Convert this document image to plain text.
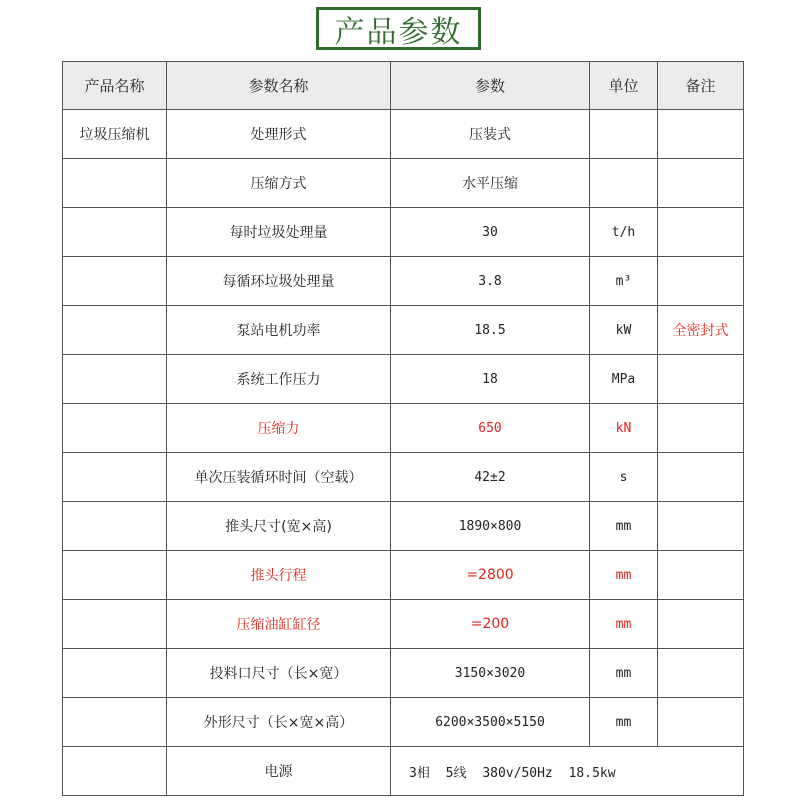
产品参数
产品名称	参数名称	参数	单位	备注
垃圾压缩机	处理形式	压装式		
	压缩方式	水平压缩		
	每时垃圾处理量	30	t/h	
	每循环垃圾处理量	3.8	m³	
	泵站电机功率	18.5	kW	全密封式
	系统工作压力	18	MPa	
	压缩力	650	kN	
	单次压装循环时间（空载）	42±2	s	
	推头尺寸(宽×高)	1890×800	mm	
	推头行程	=2800	mm	
	压缩油缸缸径	=200	mm	
	投料口尺寸（长×宽）	3150×3020	mm	
	外形尺寸（长×宽×高）	6200×3500×5150	mm	
	电源	3相 5线 380v/50Hz 18.5kw		
